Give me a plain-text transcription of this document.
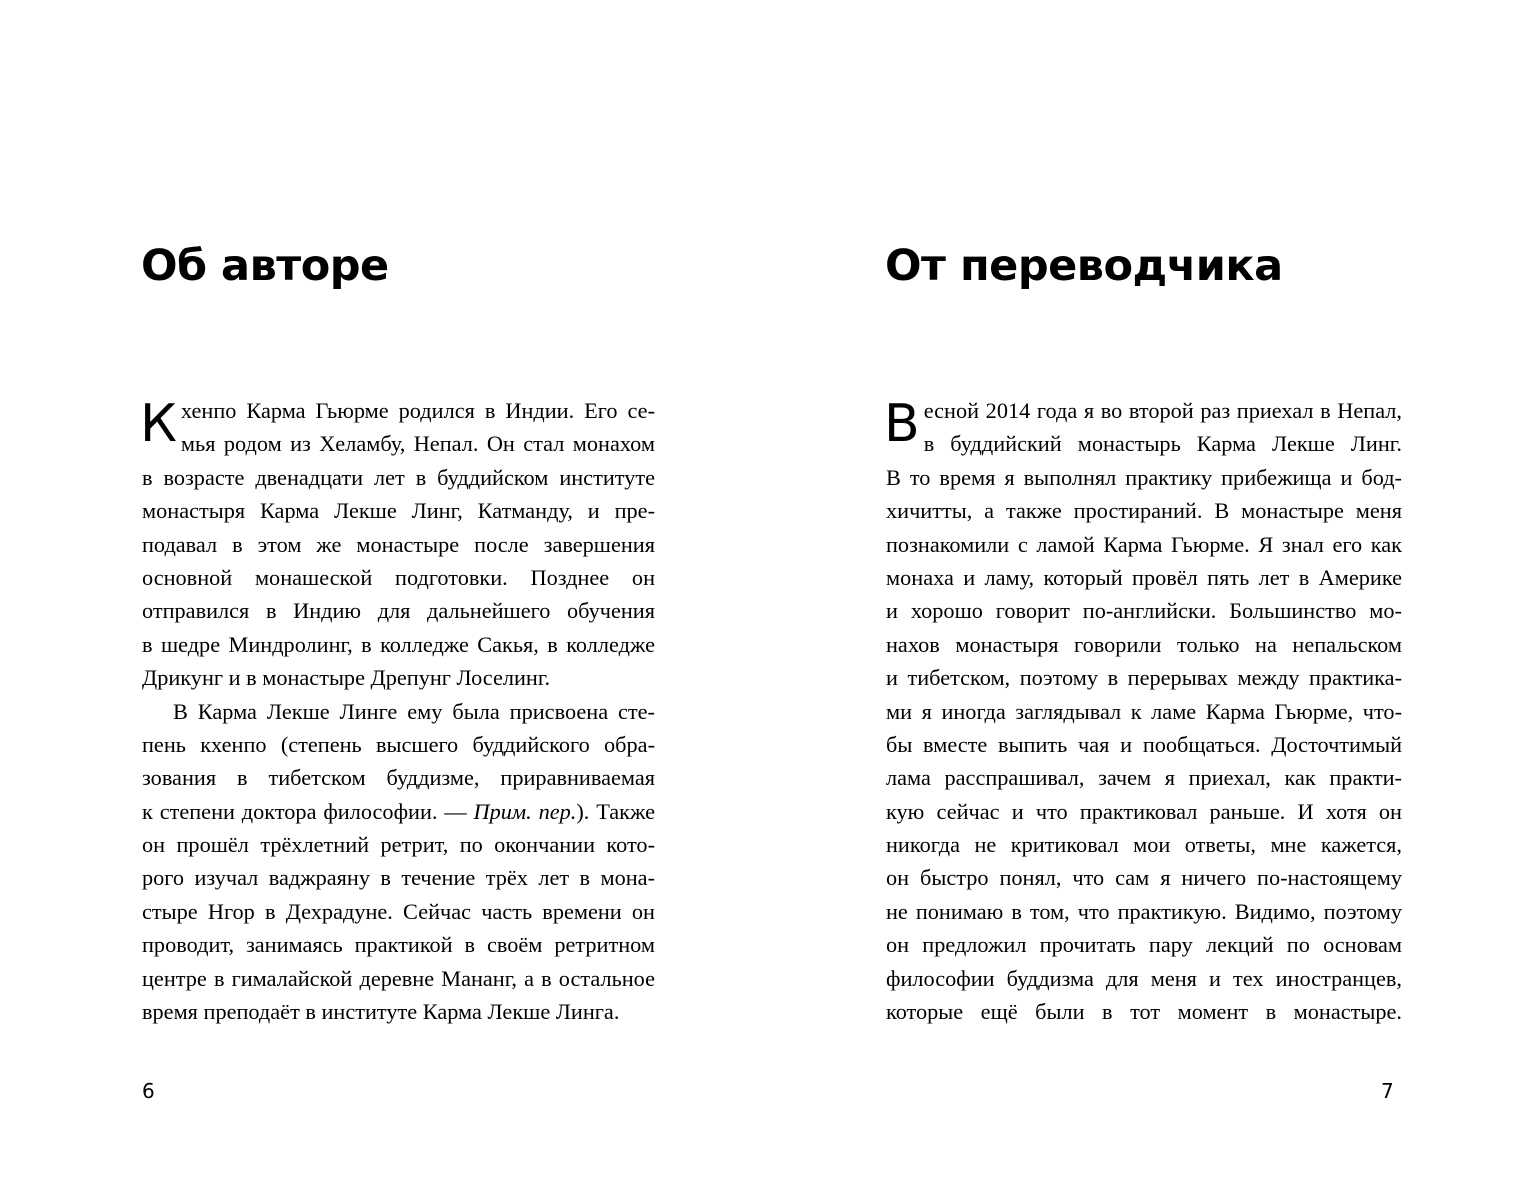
Об авторе
К хенпо Карма Гьюрме родился в Индии. Его се-
мья родом из Хеламбу, Непал. Он стал монахом
в возрасте двенадцати лет в буддийском институте
монастыря Карма Лекше Линг, Катманду, и пре-
подавал в этом же монастыре после завершения
основной монашеской подготовки. Позднее он
отправился в Индию для дальнейшего обучения
в шедре Миндролинг, в колледже Сакья, в колледже
Дрикунг и в монастыре Дрепунг Лоселинг.
В Карма Лекше Линге ему была присвоена сте-
пень кхенпо (степень высшего буддийского обра-
зования в тибетском буддизме, приравниваемая
к степени доктора философии. — Прим. пер.). Также
он прошёл трёхлетний ретрит, по окончании кото-
рого изучал ваджраяну в течение трёх лет в мона-
стыре Нгор в Дехрадуне. Сейчас часть времени он
проводит, занимаясь практикой в своём ретритном
центре в гималайской деревне Мананг, а в остальное
время преподаёт в институте Карма Лекше Линга.
6
От переводчика
В есной 2014 года я во второй раз приехал в Непал,
в буддийский монастырь Карма Лекше Линг.
В то время я выполнял практику прибежища и бод-
хичитты, а также простираний. В монастыре меня
познакомили с ламой Карма Гьюрме. Я знал его как
монаха и ламу, который провёл пять лет в Америке
и хорошо говорит по-английски. Большинство мо-
нахов монастыря говорили только на непальском
и тибетском, поэтому в перерывах между практика-
ми я иногда заглядывал к ламе Карма Гьюрме, что-
бы вместе выпить чая и пообщаться. Досточтимый
лама расспрашивал, зачем я приехал, как практи-
кую сейчас и что практиковал раньше. И хотя он
никогда не критиковал мои ответы, мне кажется,
он быстро понял, что сам я ничего по-настоящему
не понимаю в том, что практикую. Видимо, поэтому
он предложил прочитать пару лекций по основам
философии буддизма для меня и тех иностранцев,
которые ещё были в тот момент в монастыре.
7
